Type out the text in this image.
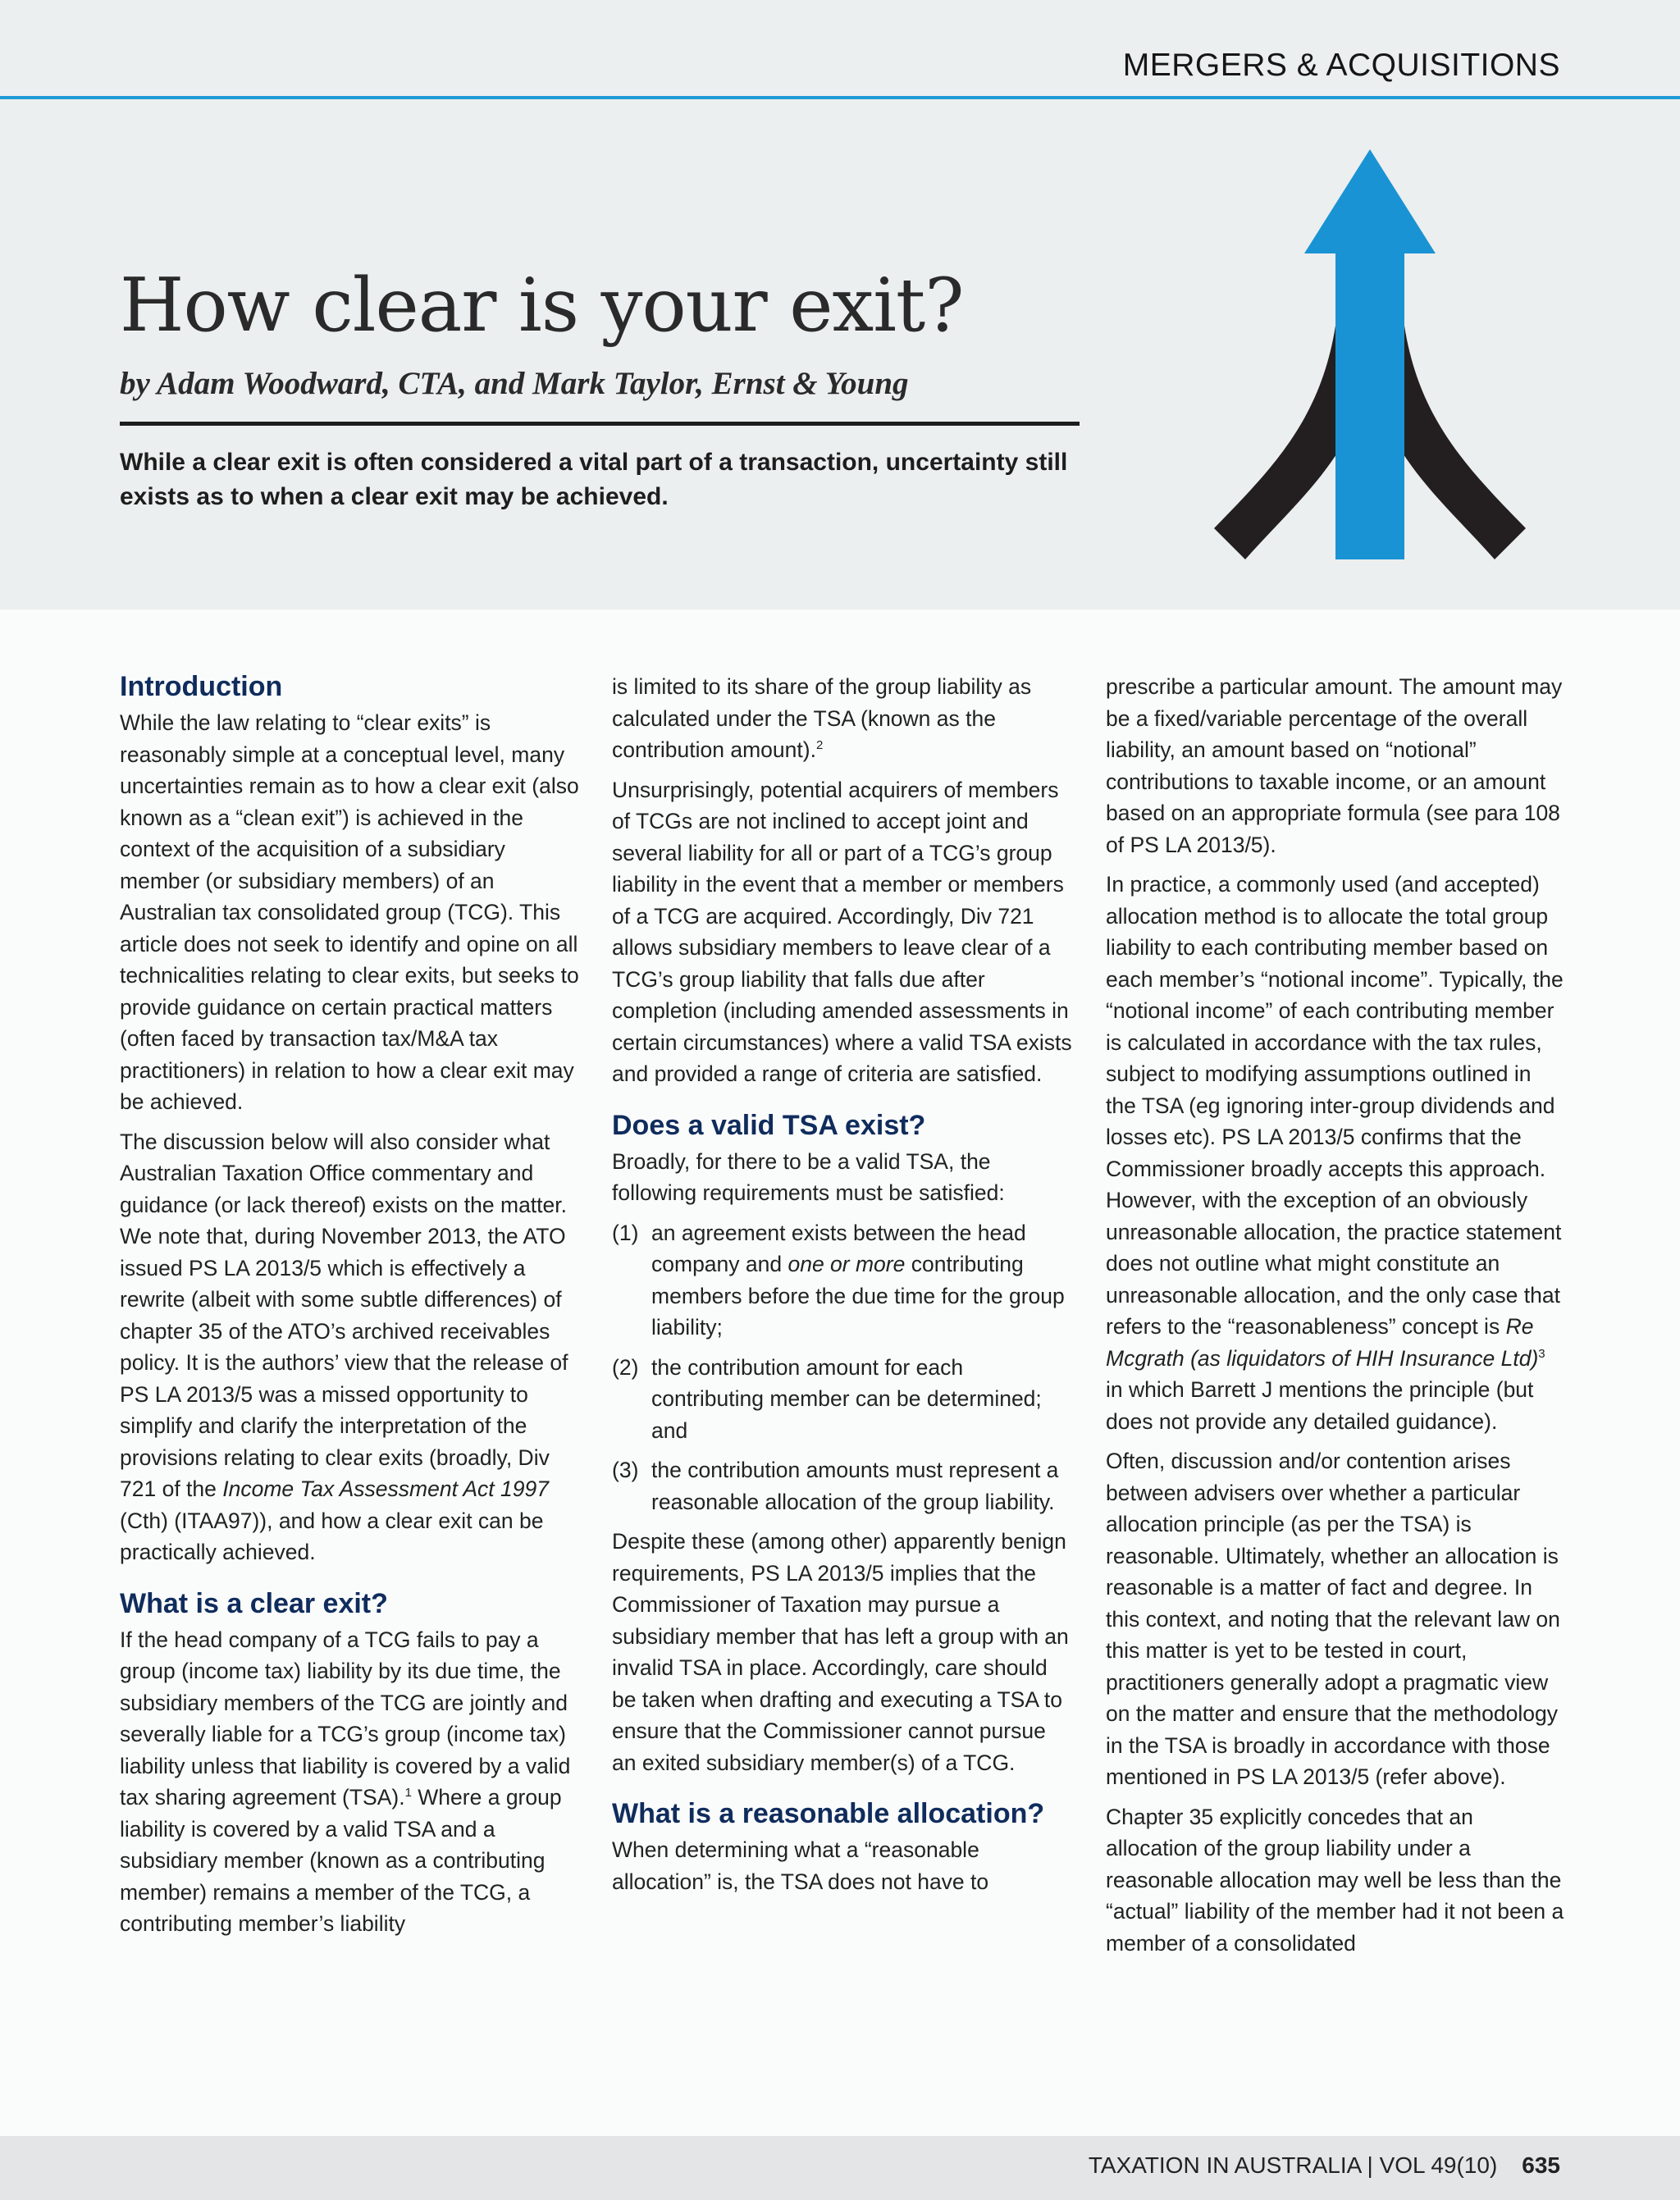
MERGERS & ACQUISITIONS
How clear is your exit?
by Adam Woodward, CTA, and Mark Taylor, Ernst & Young

While a clear exit is often considered a vital part of a transaction, uncertainty still exists as to when a clear exit may be achieved.

Introduction

While the law relating to “clear exits” is reasonably simple at a conceptual level, many uncertainties remain as to how a clear exit (also known as a “clean exit”) is achieved in the context of the acquisition of a subsidiary member (or subsidiary members) of an Australian tax consolidated group (TCG). This article does not seek to identify and opine on all technicalities relating to clear exits, but seeks to provide guidance on certain practical matters (often faced by transaction tax/M&A tax practitioners) in relation to how a clear exit may be achieved.

The discussion below will also consider what Australian Taxation Office commentary and guidance (or lack thereof) exists on the matter. We note that, during November 2013, the ATO issued PS LA 2013/5 which is effectively a rewrite (albeit with some subtle differences) of chapter 35 of the ATO’s archived receivables policy. It is the authors’ view that the release of PS LA 2013/5 was a missed opportunity to simplify and clarify the interpretation of the provisions relating to clear exits (broadly, Div 721 of the Income Tax Assessment Act 1997 (Cth) (ITAA97)), and how a clear exit can be practically achieved.

What is a clear exit?

If the head company of a TCG fails to pay a group (income tax) liability by its due time, the subsidiary members of the TCG are jointly and severally liable for a TCG’s group (income tax) liability unless that liability is covered by a valid tax sharing agreement (TSA).$^1$ Where a group liability is covered by a valid TSA and a subsidiary member (known as a contributing member) remains a member of the TCG, a contributing member’s liability

is limited to its share of the group liability as calculated under the TSA (known as the contribution amount).$^2$

Unsurprisingly, potential acquirers of members of TCGs are not inclined to accept joint and several liability for all or part of a TCG’s group liability in the event that a member or members of a TCG are acquired. Accordingly, Div 721 allows subsidiary members to leave clear of a TCG’s group liability that falls due after completion (including amended assessments in certain circumstances) where a valid TSA exists and provided a range of criteria are satisfied.

Does a valid TSA exist?

Broadly, for there to be a valid TSA, the following requirements must be satisfied:

(1) an agreement exists between the head company and one or more contributing members before the due time for the group liability;
(2) the contribution amount for each contributing member can be determined; and
(3) the contribution amounts must represent a reasonable allocation of the group liability.

Despite these (among other) apparently benign requirements, PS LA 2013/5 implies that the Commissioner of Taxation may pursue a subsidiary member that has left a group with an invalid TSA in place. Accordingly, care should be taken when drafting and executing a TSA to ensure that the Commissioner cannot pursue an exited subsidiary member(s) of a TCG.

What is a reasonable allocation?

When determining what a “reasonable allocation” is, the TSA does not have to

prescribe a particular amount. The amount may be a fixed/variable percentage of the overall liability, an amount based on “notional” contributions to taxable income, or an amount based on an appropriate formula (see para 108 of PS LA 2013/5).

In practice, a commonly used (and accepted) allocation method is to allocate the total group liability to each contributing member based on each member’s “notional income”. Typically, the “notional income” of each contributing member is calculated in accordance with the tax rules, subject to modifying assumptions outlined in the TSA (eg ignoring inter-group dividends and losses etc). PS LA 2013/5 confirms that the Commissioner broadly accepts this approach. However, with the exception of an obviously unreasonable allocation, the practice statement does not outline what might constitute an unreasonable allocation, and the only case that refers to the “reasonableness” concept is Re Mcgrath (as liquidators of HIH Insurance Ltd)$^3$ in which Barrett J mentions the principle (but does not provide any detailed guidance).

Often, discussion and/or contention arises between advisers over whether a particular allocation principle (as per the TSA) is reasonable. Ultimately, whether an allocation is reasonable is a matter of fact and degree. In this context, and noting that the relevant law on this matter is yet to be tested in court, practitioners generally adopt a pragmatic view on the matter and ensure that the methodology in the TSA is broadly in accordance with those mentioned in PS LA 2013/5 (refer above).

Chapter 35 explicitly concedes that an allocation of the group liability under a reasonable allocation may well be less than the “actual” liability of the member had it not been a member of a consolidated

TAXATION IN AUSTRALIA | VOL 49(10) 635
